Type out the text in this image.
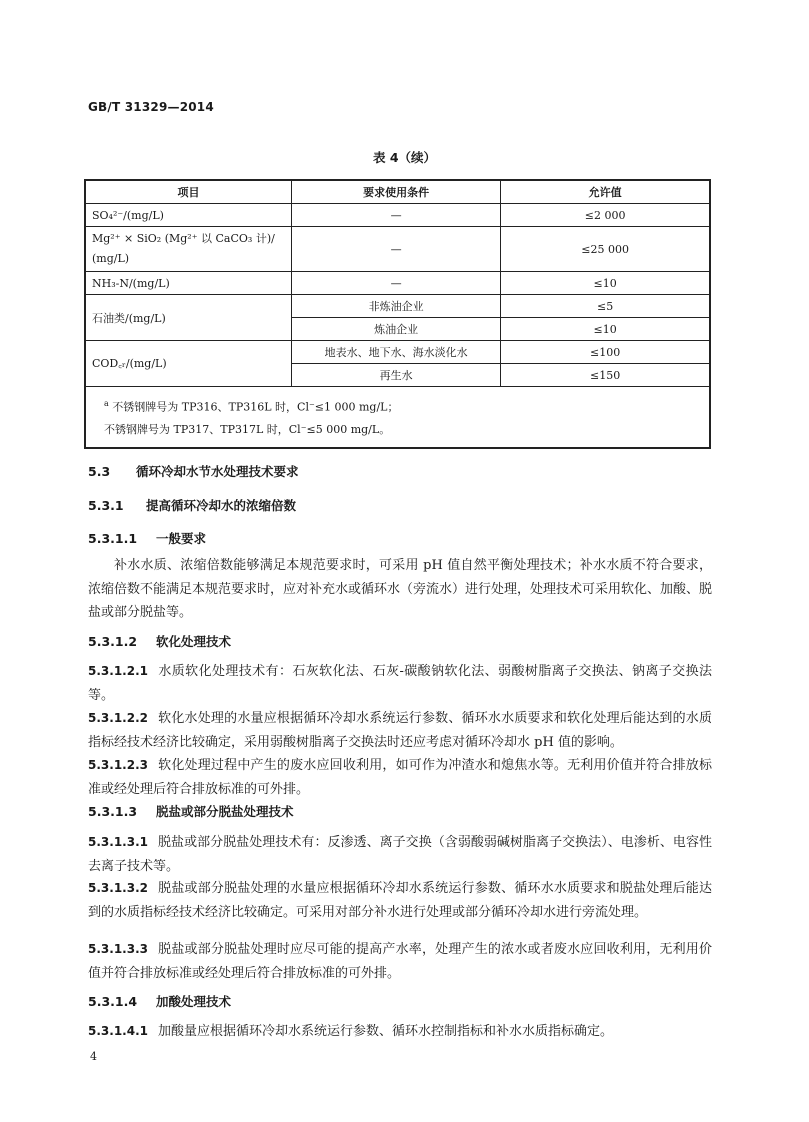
GB/T 31329—2014
表 4（续）
项目	要求使用条件	允许值
SO₄²⁻/(mg/L)	—	≤2 000

Mg²⁺ × SiO₂ (Mg²⁺ 以 CaCO₃ 计)/
(mg/L)	—	≤25 000
NH₃-N/(mg/L)	—	≤10
石油类/(mg/L)	非炼油企业	≤5
	炼油企业	≤10
COD꜀ᵣ/(mg/L)	地表水、地下水、海水淡化水	≤100
	再生水	≤150

$^a$ 不锈钢牌号为 TP316、TP316L 时，Cl⁻≤1 000 mg/L；
不锈钢牌号为 TP317、TP317L 时，Cl⁻≤5 000 mg/L。		
5.3 循环冷却水节水处理技术要求
5.3.1 提高循环冷却水的浓缩倍数
5.3.1.1 一般要求
补水水质、浓缩倍数能够满足本规范要求时，可采用 pH 值自然平衡处理技术；补水水质不符合要求，浓缩倍数不能满足本规范要求时，应对补充水或循环水（旁流水）进行处理，处理技术可采用软化、加酸、脱盐或部分脱盐等。
5.3.1.2 软化处理技术
5.3.1.2.1 水质软化处理技术有：石灰软化法、石灰-碳酸钠软化法、弱酸树脂离子交换法、钠离子交换法等。
5.3.1.2.2 软化水处理的水量应根据循环冷却水系统运行参数、循环水水质要求和软化处理后能达到的水质指标经技术经济比较确定，采用弱酸树脂离子交换法时还应考虑对循环冷却水 pH 值的影响。
5.3.1.2.3 软化处理过程中产生的废水应回收利用，如可作为冲渣水和熄焦水等。无利用价值并符合排放标准或经处理后符合排放标准的可外排。
5.3.1.3 脱盐或部分脱盐处理技术
5.3.1.3.1 脱盐或部分脱盐处理技术有：反渗透、离子交换（含弱酸弱碱树脂离子交换法）、电渗析、电容性去离子技术等。
5.3.1.3.2 脱盐或部分脱盐处理的水量应根据循环冷却水系统运行参数、循环水水质要求和脱盐处理后能达到的水质指标经技术经济比较确定。可采用对部分补水进行处理或部分循环冷却水进行旁流处理。
5.3.1.3.3 脱盐或部分脱盐处理时应尽可能的提高产水率，处理产生的浓水或者废水应回收利用，无利用价值并符合排放标准或经处理后符合排放标准的可外排。
5.3.1.4 加酸处理技术
5.3.1.4.1 加酸量应根据循环冷却水系统运行参数、循环水控制指标和补水水质指标确定。
4
